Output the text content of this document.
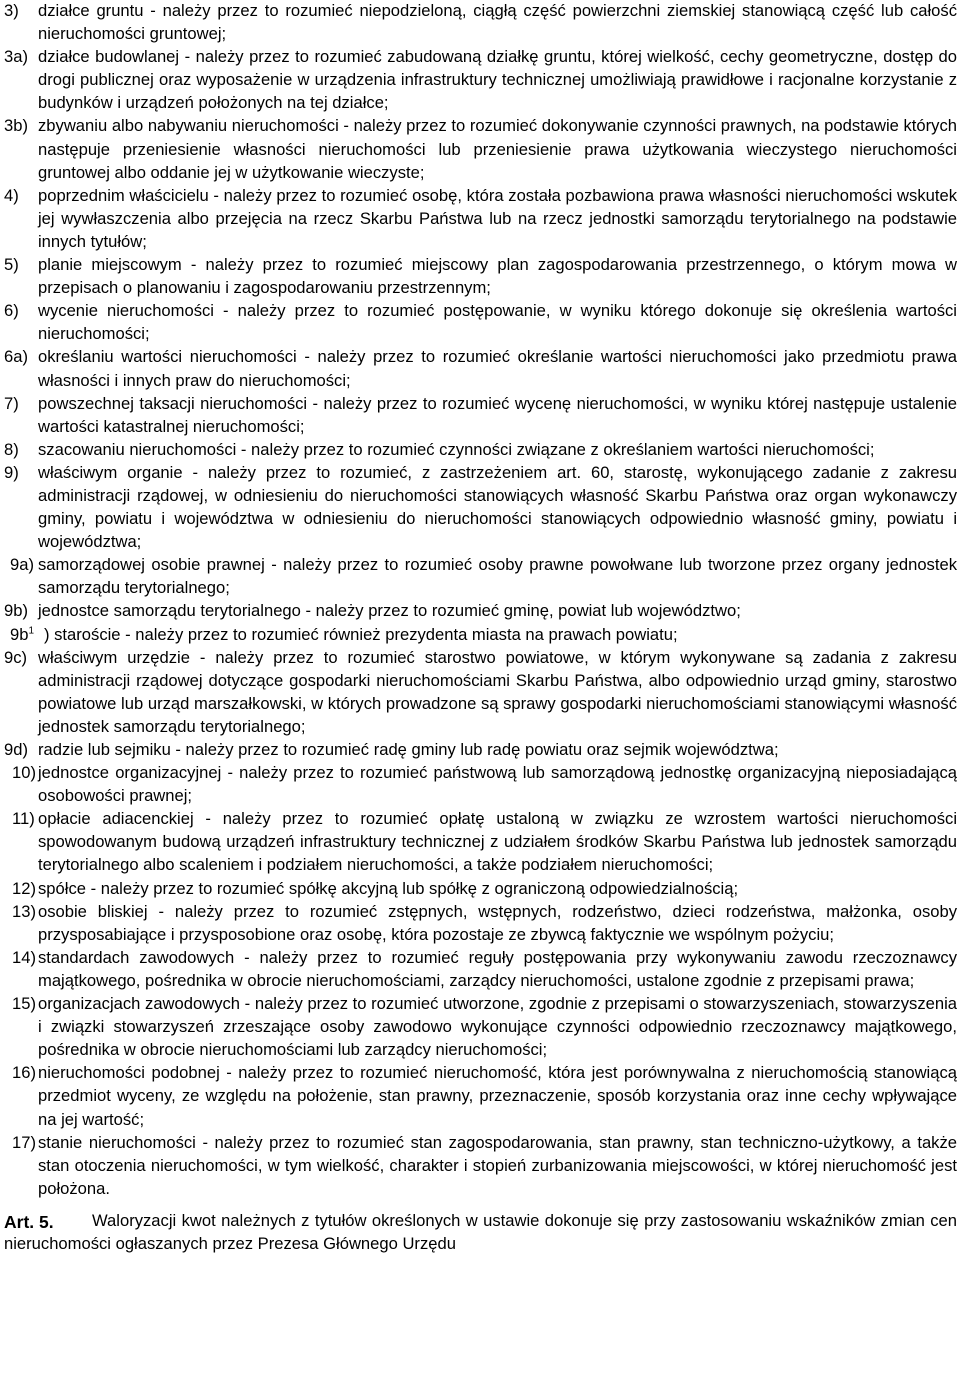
3) działce gruntu - należy przez to rozumieć niepodzieloną, ciągłą część powierzchni ziemskiej stanowiącą część lub całość nieruchomości gruntowej;
3a) działce budowlanej - należy przez to rozumieć zabudowaną działkę gruntu, której wielkość, cechy geometryczne, dostęp do drogi publicznej oraz wyposażenie w urządzenia infrastruktury technicznej umożliwiają prawidłowe i racjonalne korzystanie z budynków i urządzeń położonych na tej działce;
3b) zbywaniu albo nabywaniu nieruchomości - należy przez to rozumieć dokonywanie czynności prawnych, na podstawie których następuje przeniesienie własności nieruchomości lub przeniesienie prawa użytkowania wieczystego nieruchomości gruntowej albo oddanie jej w użytkowanie wieczyste;
4) poprzednim właścicielu - należy przez to rozumieć osobę, która została pozbawiona prawa własności nieruchomości wskutek jej wywłaszczenia albo przejęcia na rzecz Skarbu Państwa lub na rzecz jednostki samorządu terytorialnego na podstawie innych tytułów;
5) planie miejscowym - należy przez to rozumieć miejscowy plan zagospodarowania przestrzennego, o którym mowa w przepisach o planowaniu i zagospodarowaniu przestrzennym;
6) wycenie nieruchomości - należy przez to rozumieć postępowanie, w wyniku którego dokonuje się określenia wartości nieruchomości;
6a) określaniu wartości nieruchomości - należy przez to rozumieć określanie wartości nieruchomości jako przedmiotu prawa własności i innych praw do nieruchomości;
7) powszechnej taksacji nieruchomości - należy przez to rozumieć wycenę nieruchomości, w wyniku której następuje ustalenie wartości katastralnej nieruchomości;
8) szacowaniu nieruchomości - należy przez to rozumieć czynności związane z określaniem wartości nieruchomości;
9) właściwym organie - należy przez to rozumieć, z zastrzeżeniem art. 60, starostę, wykonującego zadanie z zakresu administracji rządowej, w odniesieniu do nieruchomości stanowiących własność Skarbu Państwa oraz organ wykonawczy gminy, powiatu i województwa w odniesieniu do nieruchomości stanowiących odpowiednio własność gminy, powiatu i województwa;
9a) samorządowej osobie prawnej - należy przez to rozumieć osoby prawne powołwane lub tworzone przez organy jednostek samorządu terytorialnego;
9b) jednostce samorządu terytorialnego - należy przez to rozumieć gminę, powiat lub województwo;
$9b^1$ ) staroście - należy przez to rozumieć również prezydenta miasta na prawach powiatu;
9c) właściwym urzędzie - należy przez to rozumieć starostwo powiatowe, w którym wykonywane są zadania z zakresu administracji rządowej dotyczące gospodarki nieruchomościami Skarbu Państwa, albo odpowiednio urząd gminy, starostwo powiatowe lub urząd marszałkowski, w których prowadzone są sprawy gospodarki nieruchomościami stanowiącymi własność jednostek samorządu terytorialnego;
9d) radzie lub sejmiku - należy przez to rozumieć radę gminy lub radę powiatu oraz sejmik województwa;
10) jednostce organizacyjnej - należy przez to rozumieć państwową lub samorządową jednostkę organizacyjną nieposiadającą osobowości prawnej;
11) opłacie adiacenckiej - należy przez to rozumieć opłatę ustaloną w związku ze wzrostem wartości nieruchomości spowodowanym budową urządzeń infrastruktury technicznej z udziałem środków Skarbu Państwa lub jednostek samorządu terytorialnego albo scaleniem i podziałem nieruchomości, a także podziałem nieruchomości;
12) spółce - należy przez to rozumieć spółkę akcyjną lub spółkę z ograniczoną odpowiedzialnością;
13) osobie bliskiej - należy przez to rozumieć zstępnych, wstępnych, rodzeństwo, dzieci rodzeństwa, małżonka, osoby przysposabiające i przysposobione oraz osobę, która pozostaje ze zbywcą faktycznie we wspólnym pożyciu;
14) standardach zawodowych - należy przez to rozumieć reguły postępowania przy wykonywaniu zawodu rzeczoznawcy majątkowego, pośrednika w obrocie nieruchomościami, zarządcy nieruchomości, ustalone zgodnie z przepisami prawa;
15) organizacjach zawodowych - należy przez to rozumieć utworzone, zgodnie z przepisami o stowarzyszeniach, stowarzyszenia i związki stowarzyszeń zrzeszające osoby zawodowo wykonujące czynności odpowiednio rzeczoznawcy majątkowego, pośrednika w obrocie nieruchomościami lub zarządcy nieruchomości;
16) nieruchomości podobnej - należy przez to rozumieć nieruchomość, która jest porównywalna z nieruchomością stanowiącą przedmiot wyceny, ze względu na położenie, stan prawny, przeznaczenie, sposób korzystania oraz inne cechy wpływające na jej wartość;
17) stanie nieruchomości - należy przez to rozumieć stan zagospodarowania, stan prawny, stan techniczno-użytkowy, a także stan otoczenia nieruchomości, w tym wielkość, charakter i stopień zurbanizowania miejscowości, w której nieruchomość jest położona.
Art. 5. Waloryzacji kwot należnych z tytułów określonych w ustawie dokonuje się przy zastosowaniu wskaźników zmian cen nieruchomości ogłaszanych przez Prezesa Głównego Urzędu
